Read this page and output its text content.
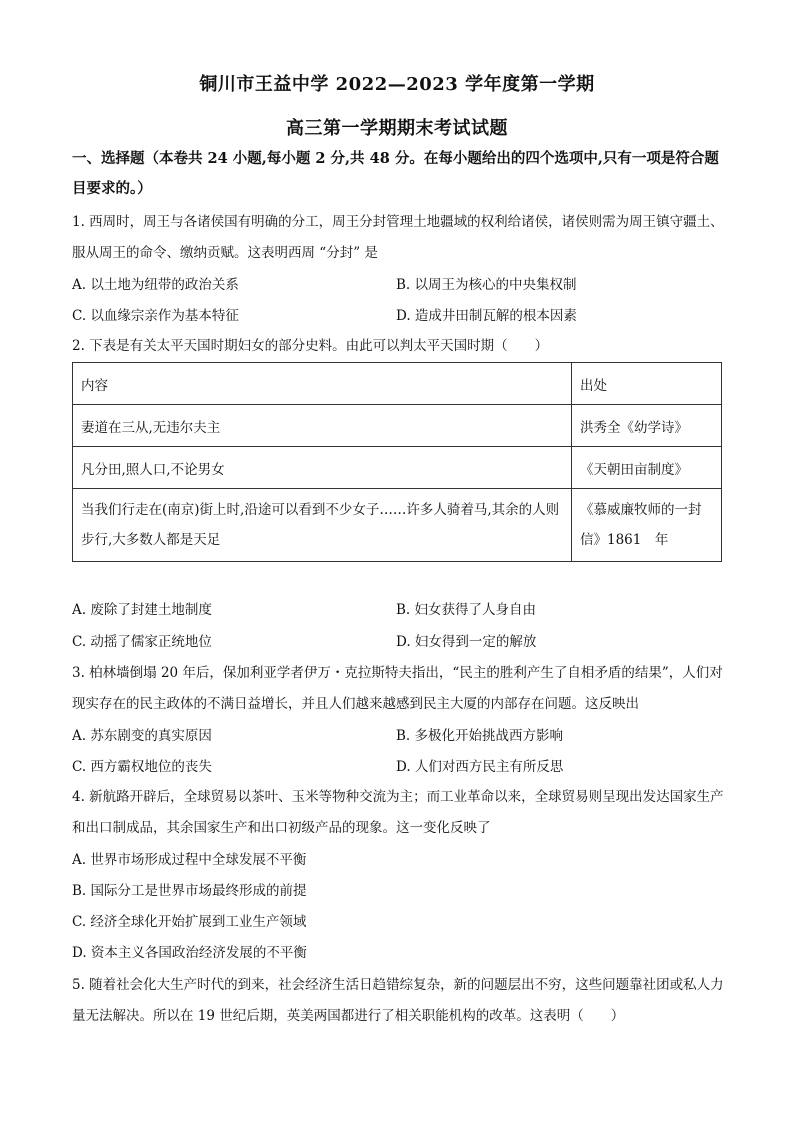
铜川市王益中学 2022—2023 学年度第一学期
高三第一学期期末考试试题
一、选择题（本卷共 24 小题,每小题 2 分,共 48 分。在每小题给出的四个选项中,只有一项是符合题目要求的。）
1. 西周时，周王与各诸侯国有明确的分工，周王分封管理土地疆域的权利给诸侯，诸侯则需为周王镇守疆土、服从周王的命令、缴纳贡赋。这表明西周 “分封” 是
A. 以土地为纽带的政治关系	B. 以周王为核心的中央集权制
C. 以血缘宗亲作为基本特征	D. 造成井田制瓦解的根本因素
2. 下表是有关太平天国时期妇女的部分史料。由此可以判太平天国时期（　　）
内容	出处
妻道在三从,无违尔夫主	洪秀全《幼学诗》
凡分田,照人口,不论男女	《天朝田亩制度》
当我们行走在(南京)街上时,沿途可以看到不少女子……许多人骑着马,其余的人则步行,大多数人都是天足	《慕威廉牧师的一封信》1861　年
A. 废除了封建土地制度	B. 妇女获得了人身自由
C. 动摇了儒家正统地位	D. 妇女得到一定的解放
3. 柏林墙倒塌 20 年后，保加利亚学者伊万・克拉斯特夫指出，“民主的胜利产生了自相矛盾的结果”，人们对现实存在的民主政体的不满日益增长，并且人们越来越感到民主大厦的内部存在问题。这反映出
A. 苏东剧变的真实原因	B. 多极化开始挑战西方影响
C. 西方霸权地位的丧失	D. 人们对西方民主有所反思
4. 新航路开辟后，全球贸易以茶叶、玉米等物种交流为主；而工业革命以来，全球贸易则呈现出发达国家生产和出口制成品，其余国家生产和出口初级产品的现象。这一变化反映了
A. 世界市场形成过程中全球发展不平衡
B. 国际分工是世界市场最终形成的前提
C. 经济全球化开始扩展到工业生产领域
D. 资本主义各国政治经济发展的不平衡
5. 随着社会化大生产时代的到来，社会经济生活日趋错综复杂，新的问题层出不穷，这些问题靠社团或私人力量无法解决。所以在 19 世纪后期，英美两国都进行了相关职能机构的改革。这表明（　　）
